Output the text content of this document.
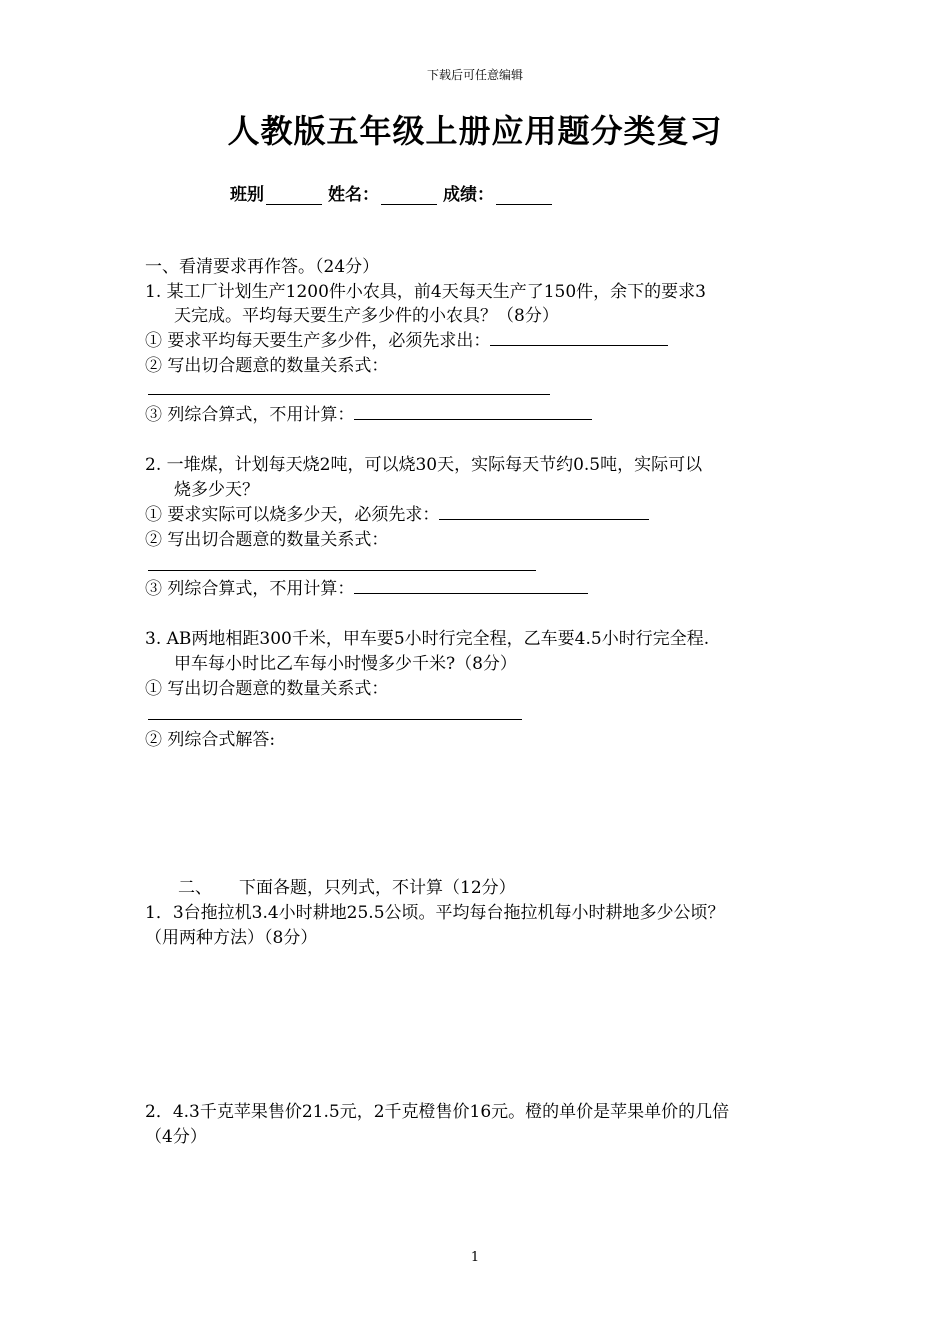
下载后可任意编辑
人教版五年级上册应用题分类复习
班别	姓名：	成绩：
一、看清要求再作答。（24分）
1. 某工厂计划生产1200件小农具，前4天每天生产了150件，余下的要求3
天完成。平均每天要生产多少件的小农具？（8分）
① 要求平均每天要生产多少件，必须先求出：
② 写出切合题意的数量关系式：
③ 列综合算式，不用计算：
2. 一堆煤，计划每天烧2吨，可以烧30天，实际每天节约0.5吨，实际可以
烧多少天？
① 要求实际可以烧多少天，必须先求：
② 写出切合题意的数量关系式：
③ 列综合算式，不用计算：
3. AB两地相距300千米，甲车要5小时行完全程，乙车要4.5小时行完全程.
甲车每小时比乙车每小时慢多少千米?（8分）
① 写出切合题意的数量关系式：
② 列综合式解答:
二、     下面各题，只列式，不计算（12分）
1．3台拖拉机3.4小时耕地25.5公顷。平均每台拖拉机每小时耕地多少公顷？
（用两种方法）（8分）
2．4.3千克苹果售价21.5元，2千克橙售价16元。橙的单价是苹果单价的几倍
（4分）
1
